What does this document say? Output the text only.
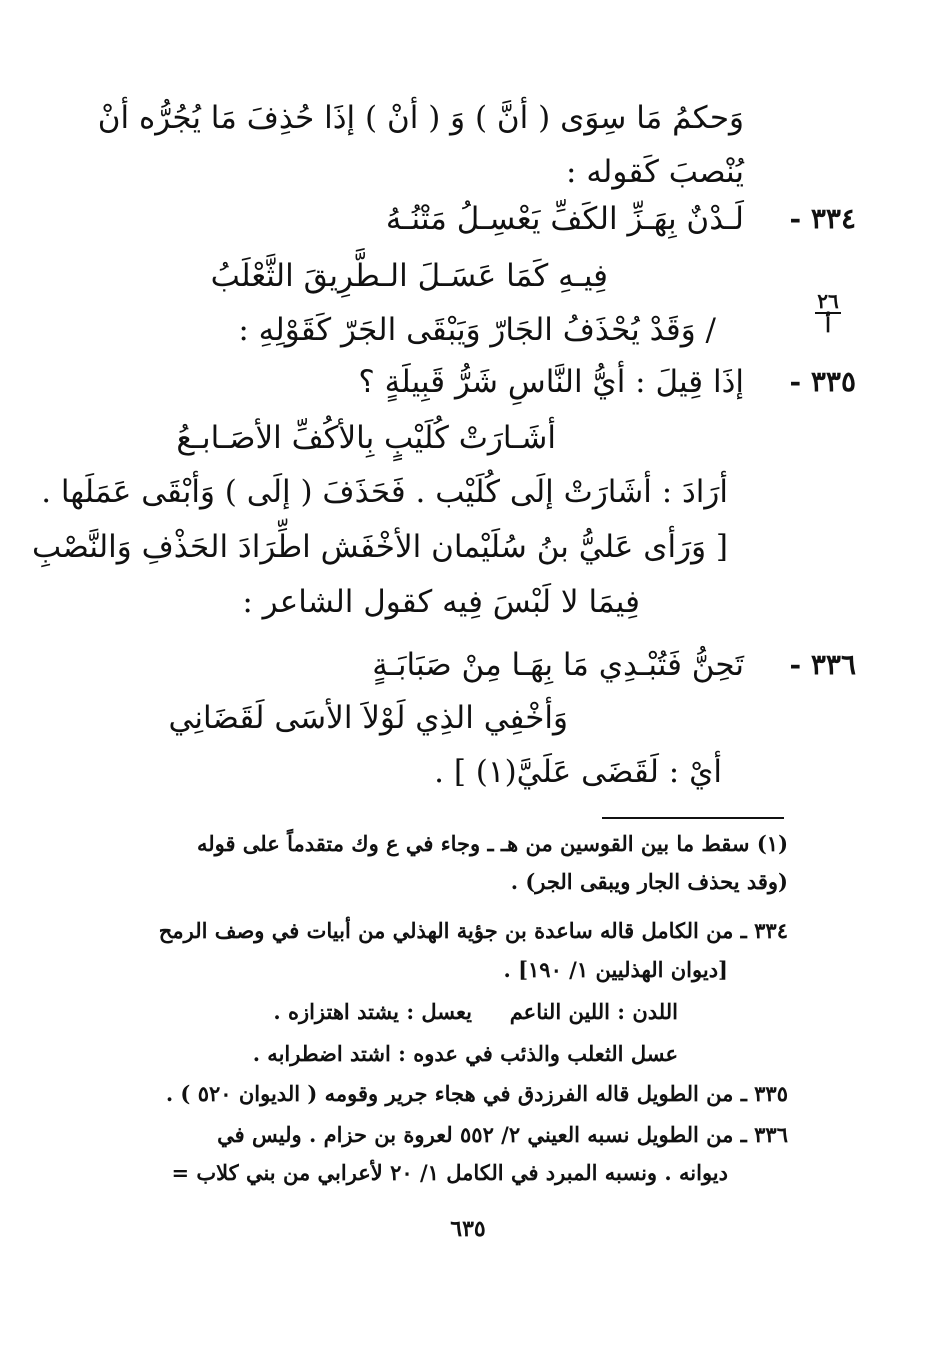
وَحكمُ مَا سِوَى ( أنَّ ) وَ ( أنْ ) إذَا حُذِفَ مَا يُجُرُّه أنْ
يُنْصبَ كَقوله :
٣٣٤ -
لَـدْنٌ بِهَـزِّ الكَفِّ يَعْسِـلُ مَتْنُـهُ
فِيـهِ كَمَا عَسَـلَ الـطَّرِيقَ الثَّعْلَبُ
٢٦
أ
/ وَقَدْ يُحْذَفُ الجَارّ وَيَبْقَى الجَرّ كَقَوْلِهِ :
٣٣٥ -
إذَا قِيلَ : أيُّ النَّاسِ شَرُّ قَبِيلَةٍ ؟
أشَـارَتْ كُلَيْبٍ بِالأكُفِّ الأصَـابـعُ
أرَادَ : أشَارَتْ إلَى كُلَيْب . فَحَذَفَ ( إلَى ) وَأبْقَى عَمَلَها .
[ وَرَأى عَليُّ بنُ سُلَيْمان الأخْفَش اطِّرَادَ الحَذْفِ وَالنَّصْبِ
فِيمَا لا لَبْسَ فِيه كقول الشاعر :
٣٣٦ -
تَحِنُّ فَتُبْـدِي مَا بِهَـا مِنْ صَبَابَـةٍ
وَأخْفِي الذِي لَوْلاَ الأسَى لَقَضَانِي
أيْ : لَقَضَى عَلَيَّ(١) ] .
(١) سقط ما بين القوسين من هـ ـ وجاء في ع وك متقدماً على قوله
(وقد يحذف الجار ويبقى الجر) .
٣٣٤ ـ من الكامل قاله ساعدة بن جؤية الهذلي من أبيات في وصف الرمح
[ديوان الهذليين ١/ ١٩٠] .
اللدن : اللين الناعم
يعسل : يشتد اهتزازه .
عسل الثعلب والذئب في عدوه : اشتد اضطرابه .
٣٣٥ ـ من الطويل قاله الفرزدق في هجاء جرير وقومه ( الديوان ٥٢٠ ) .
٣٣٦ ـ من الطويل نسبه العيني ٢/ ٥٥٢ لعروة بن حزام . وليس في
ديوانه . ونسبه المبرد في الكامل ١/ ٢٠ لأعرابي من بني كلاب =
٦٣٥
